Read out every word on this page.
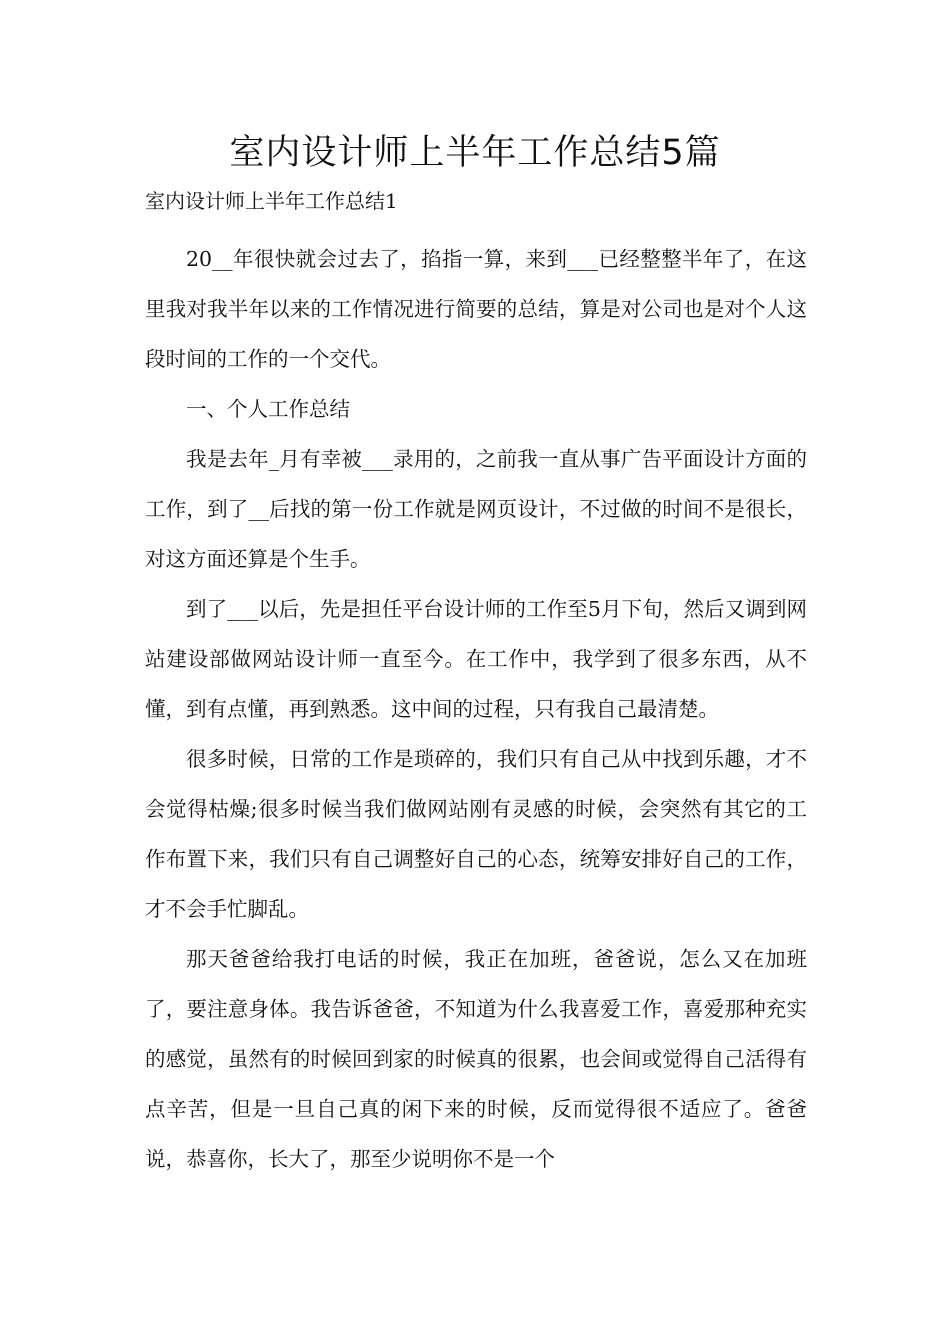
室内设计师上半年工作总结5篇

室内设计师上半年工作总结1

20__年很快就会过去了，掐指一算，来到___已经整整半年了，在这里我对我半年以来的工作情况进行简要的总结，算是对公司也是对个人这段时间的工作的一个交代。

一、个人工作总结

我是去年_月有幸被___录用的，之前我一直从事广告平面设计方面的工作，到了__后找的第一份工作就是网页设计，不过做的时间不是很长，对这方面还算是个生手。

到了___以后，先是担任平台设计师的工作至5月下旬，然后又调到网站建设部做网站设计师一直至今。在工作中，我学到了很多东西，从不懂，到有点懂，再到熟悉。这中间的过程，只有我自己最清楚。

很多时候，日常的工作是琐碎的，我们只有自己从中找到乐趣，才不会觉得枯燥;很多时候当我们做网站刚有灵感的时候，会突然有其它的工作布置下来，我们只有自己调整好自己的心态，统筹安排好自己的工作，才不会手忙脚乱。

那天爸爸给我打电话的时候，我正在加班，爸爸说，怎么又在加班了，要注意身体。我告诉爸爸，不知道为什么我喜爱工作，喜爱那种充实的感觉，虽然有的时候回到家的时候真的很累，也会间或觉得自己活得有点辛苦，但是一旦自己真的闲下来的时候，反而觉得很不适应了。爸爸说，恭喜你，长大了，那至少说明你不是一个
